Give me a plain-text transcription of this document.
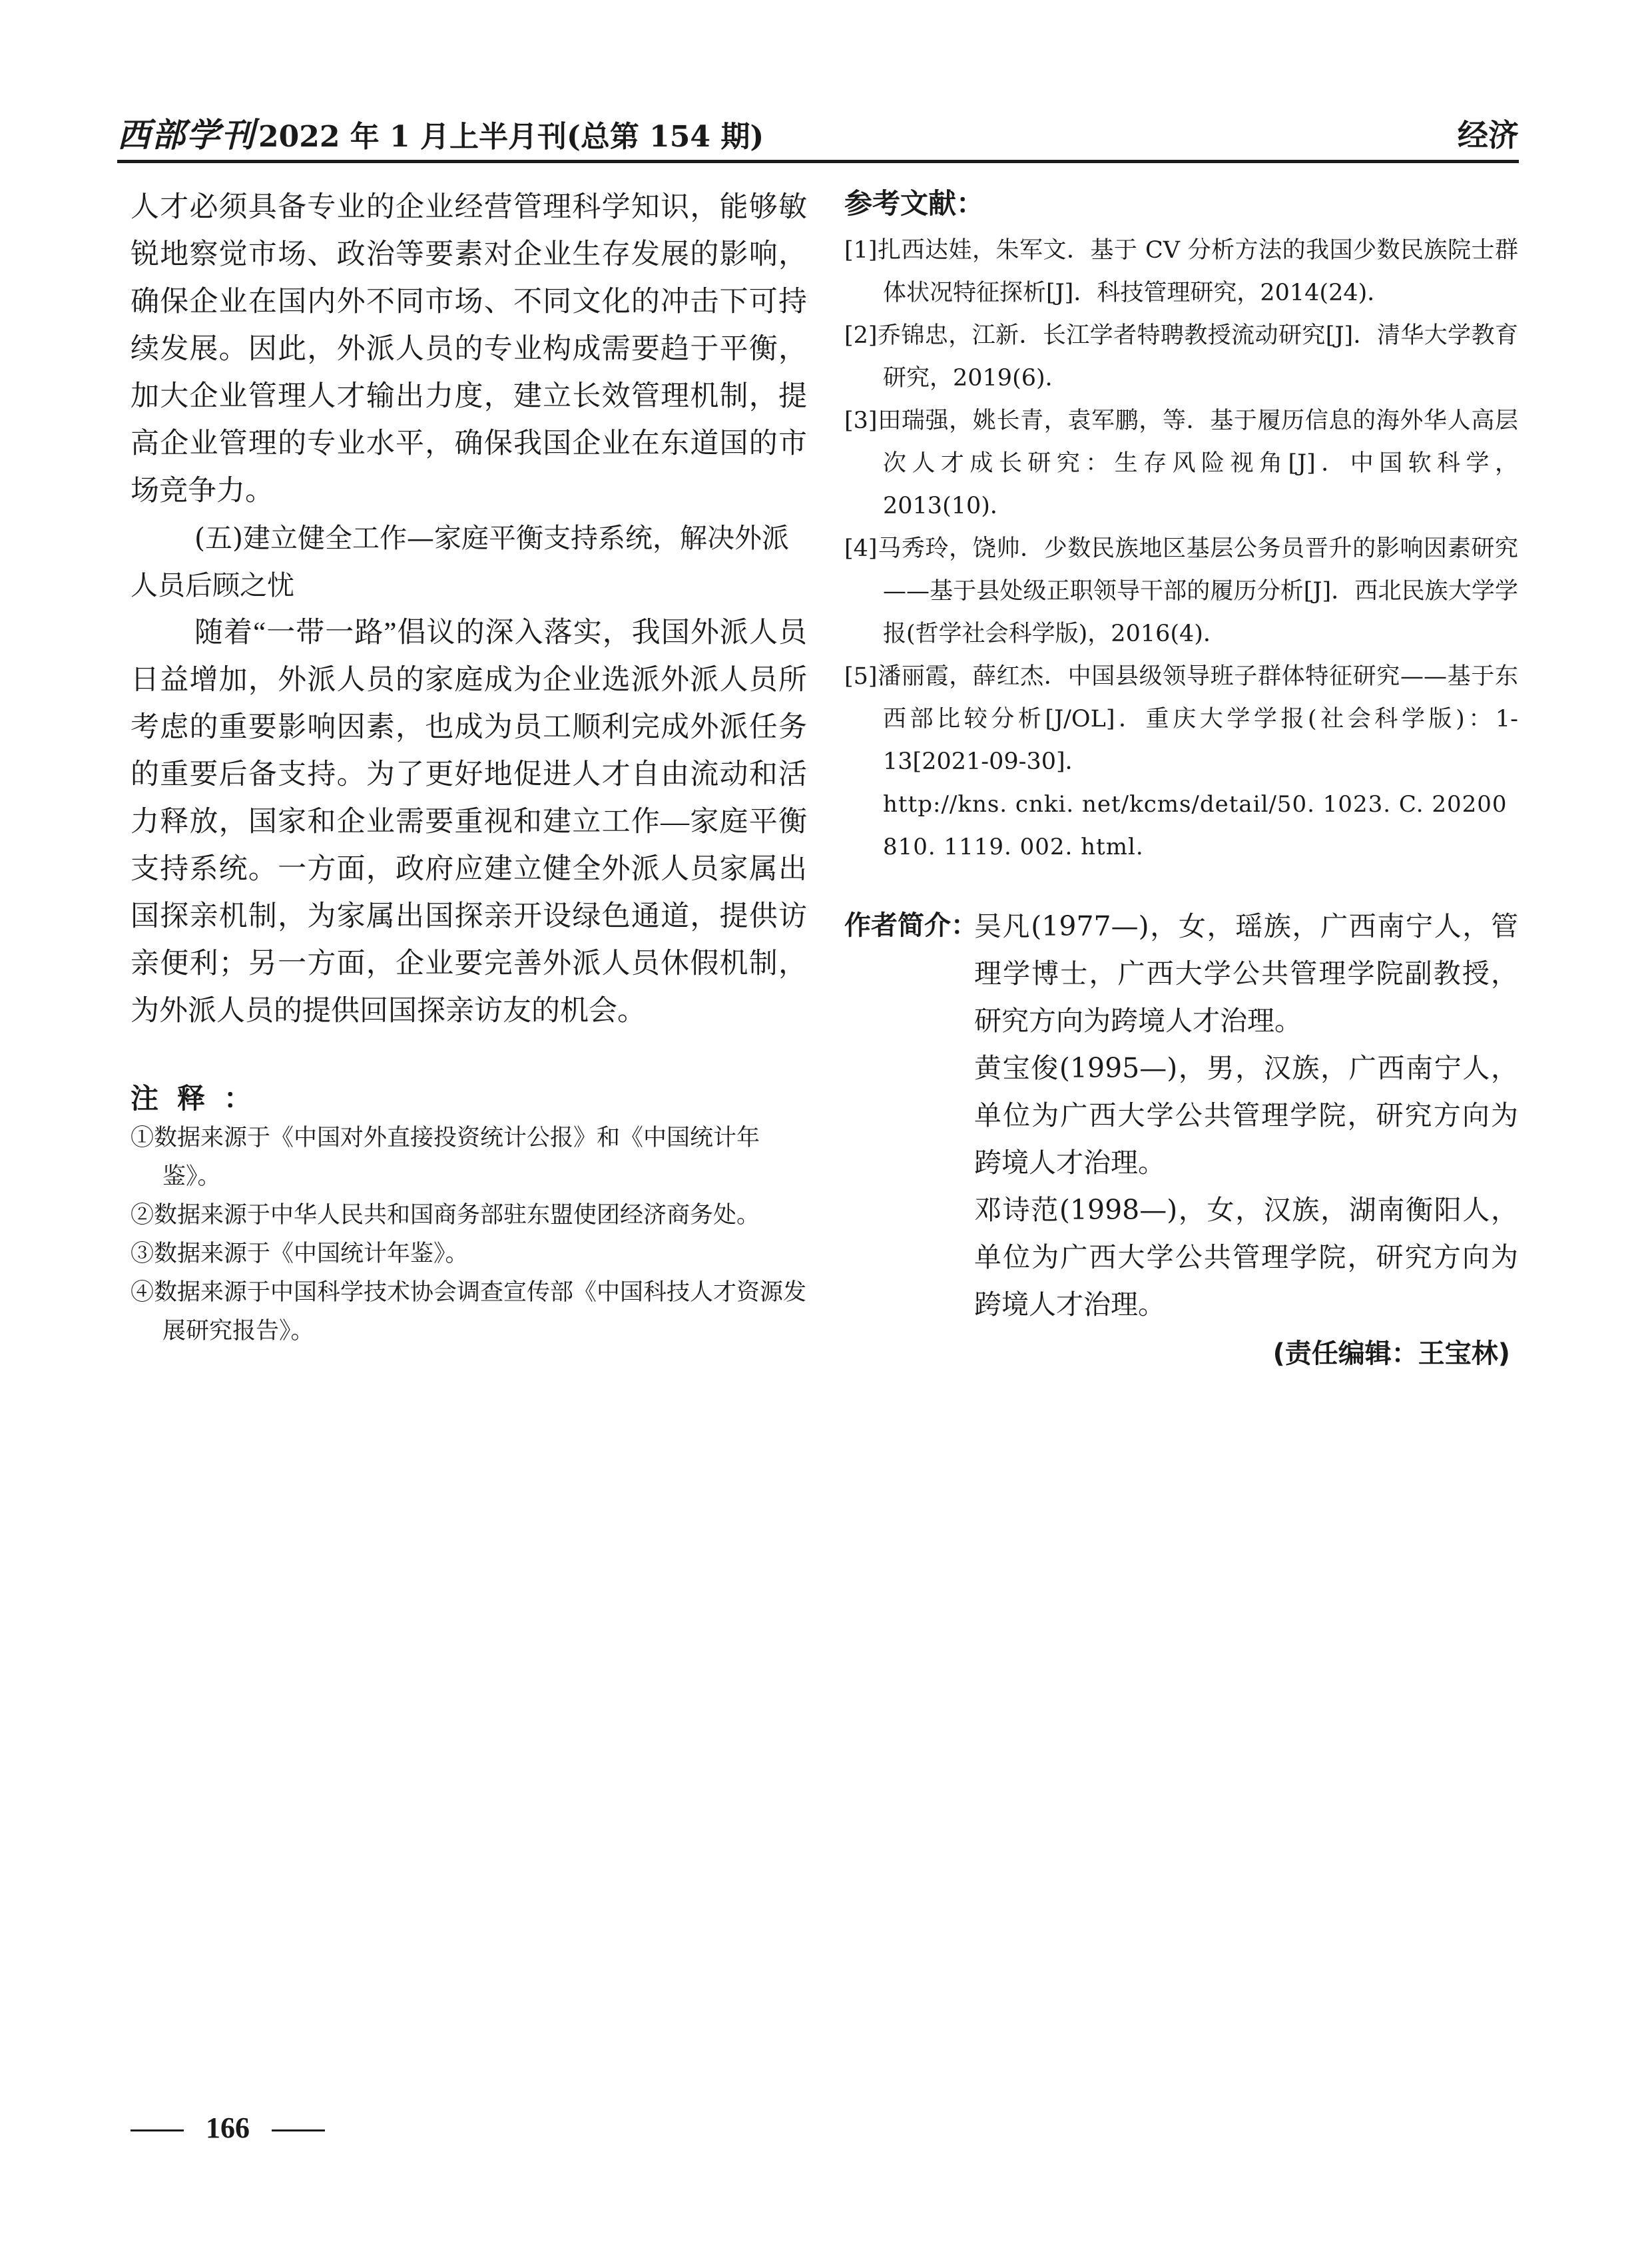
西部学刊2022 年 1 月上半月刊(总第 154 期)	经济

人才必须具备专业的企业经营管理科学知识，能够敏锐地察觉市场、政治等要素对企业生存发展的影响，确保企业在国内外不同市场、不同文化的冲击下可持续发展。因此，外派人员的专业构成需要趋于平衡，加大企业管理人才输出力度，建立长效管理机制，提高企业管理的专业水平，确保我国企业在东道国的市场竞争力。

(五)建立健全工作—家庭平衡支持系统，解决外派人员后顾之忧

随着“一带一路”倡议的深入落实，我国外派人员日益增加，外派人员的家庭成为企业选派外派人员所考虑的重要影响因素，也成为员工顺利完成外派任务的重要后备支持。为了更好地促进人才自由流动和活力释放，国家和企业需要重视和建立工作—家庭平衡支持系统。一方面，政府应建立健全外派人员家属出国探亲机制，为家属出国探亲开设绿色通道，提供访亲便利；另一方面，企业要完善外派人员休假机制，为外派人员的提供回国探亲访友的机会。

注释：

①数据来源于《中国对外直接投资统计公报》和《中国统计年鉴》。

②数据来源于中华人民共和国商务部驻东盟使团经济商务处。

③数据来源于《中国统计年鉴》。

④数据来源于中国科学技术协会调查宣传部《中国科技人才资源发展研究报告》。

参考文献：

[1]扎西达娃，朱军文．基于 CV 分析方法的我国少数民族院士群体状况特征探析[J]．科技管理研究，2014(24)．

[2]乔锦忠，江新．长江学者特聘教授流动研究[J]．清华大学教育研究，2019(6)．

[3]田瑞强，姚长青，袁军鹏，等．基于履历信息的海外华人高层次人才成长研究：生存风险视角[J]．中国软科学，2013(10)．

[4]马秀玲，饶帅．少数民族地区基层公务员晋升的影响因素研究——基于县处级正职领导干部的履历分析[J]．西北民族大学学报(哲学社会科学版)，2016(4)．

[5]潘丽霞，薛红杰．中国县级领导班子群体特征研究——基于东西部比较分析[J/OL]．重庆大学学报(社会科学版)：1-13[2021-09-30]．

http://kns. cnki. net/kcms/detail/50. 1023. C. 20200810. 1119. 002. html.

作者简介：

吴凡(1977—)，女，瑶族，广西南宁人，管理学博士，广西大学公共管理学院副教授，研究方向为跨境人才治理。

黄宝俊(1995—)，男，汉族，广西南宁人，单位为广西大学公共管理学院，研究方向为跨境人才治理。

邓诗范(1998—)，女，汉族，湖南衡阳人，单位为广西大学公共管理学院，研究方向为跨境人才治理。

(责任编辑：王宝林)
166
